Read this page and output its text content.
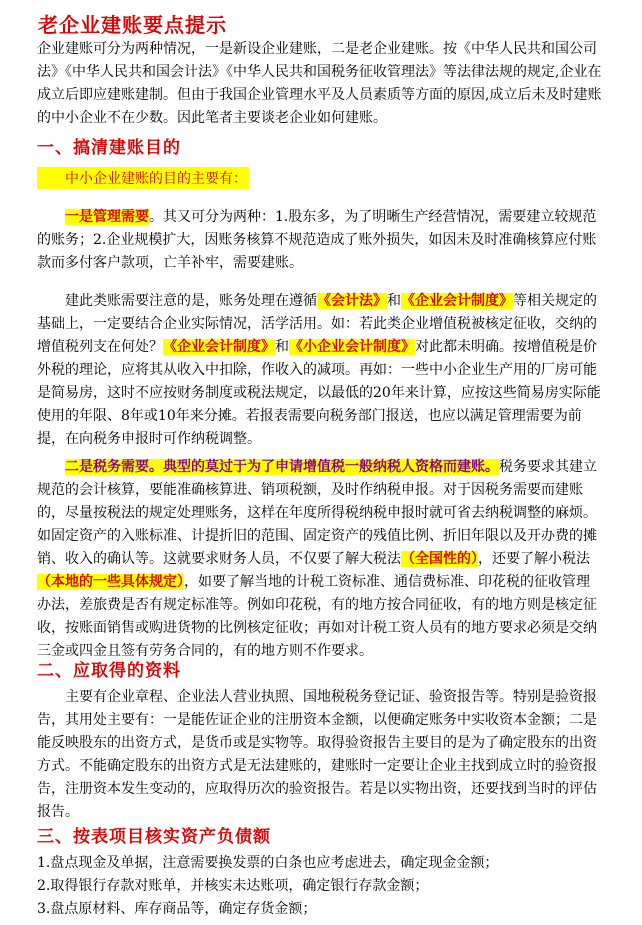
老企业建账要点提示

企业建账可分为两种情况，一是新设企业建账，二是老企业建账。按《中华人民共和国公司法》《中华人民共和国会计法》《中华人民共和国税务征收管理法》等法律法规的规定,企业在成立后即应建账建制。但由于我国企业管理水平及人员素质等方面的原因,成立后未及时建账的中小企业不在少数。因此笔者主要谈老企业如何建账。

一、搞清建账目的
中小企业建账的目的主要有：

一是管理需要。其又可分为两种：1.股东多，为了明晰生产经营情况，需要建立较规范的账务；2.企业规模扩大，因账务核算不规范造成了账外损失，如因未及时准确核算应付账款而多付客户款项，亡羊补牢，需要建账。

建此类账需要注意的是，账务处理在遵循《会计法》和《企业会计制度》等相关规定的基础上，一定要结合企业实际情况，活学活用。如：若此类企业增值税被核定征收，交纳的增值税列支在何处？《企业会计制度》和《小企业会计制度》对此都未明确。按增值税是价外税的理论，应将其从收入中扣除，作收入的减项。再如：一些中小企业生产用的厂房可能是简易房，这时不应按财务制度或税法规定，以最低的20年来计算，应按这些简易房实际能使用的年限、8年或10年来分摊。若报表需要向税务部门报送，也应以满足管理需要为前提，在向税务申报时可作纳税调整。

二是税务需要。典型的莫过于为了申请增值税一般纳税人资格而建账。税务要求其建立规范的会计核算，要能准确核算进、销项税额，及时作纳税申报。对于因税务需要而建账的，尽量按税法的规定处理账务，这样在年度所得税纳税申报时就可省去纳税调整的麻烦。如固定资产的入账标准、计提折旧的范围、固定资产的残值比例、折旧年限以及开办费的摊销、收入的确认等。这就要求财务人员，不仅要了解大税法（全国性的），还要了解小税法（本地的一些具体规定），如要了解当地的计税工资标准、通信费标准、印花税的征收管理办法，差旅费是否有规定标准等。例如印花税，有的地方按合同征收，有的地方则是核定征收，按账面销售或购进货物的比例核定征收；再如对计税工资人员有的地方要求必须是交纳三金或四金且签有劳务合同的，有的地方则不作要求。

二、应取得的资料

主要有企业章程、企业法人营业执照、国地税税务登记证、验资报告等。特别是验资报告，其用处主要有：一是能佐证企业的注册资本金额，以便确定账务中实收资本金额；二是能反映股东的出资方式，是货币或是实物等。取得验资报告主要目的是为了确定股东的出资方式。不能确定股东的出资方式是无法建账的，建账时一定要让企业主找到成立时的验资报告，注册资本发生变动的，应取得历次的验资报告。若是以实物出资，还要找到当时的评估报告。

三、按表项目核实资产负债额

1.盘点现金及单据，注意需要换发票的白条也应考虑进去，确定现金金额；

2.取得银行存款对账单，并核实未达账项，确定银行存款金额；

3.盘点原材料、库存商品等，确定存货金额；
